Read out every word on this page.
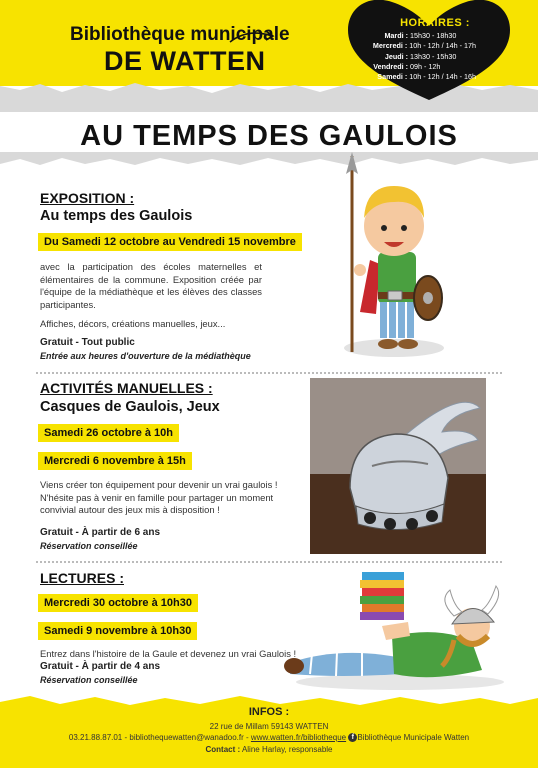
Bibliothèque municipale
DE WATTEN
HORAIRES :
Mardi : 15h30 - 18h30
Mercredi : 10h - 12h / 14h - 17h
Jeudi : 13h30 - 15h30
Vendredi : 09h - 12h
Samedi : 10h - 12h / 14h - 16h
AU TEMPS DES GAULOIS
EXPOSITION :
Au temps des Gaulois
Du Samedi 12 octobre au Vendredi 15 novembre
avec la participation des écoles maternelles et élémentaires de la commune. Exposition créée par l'équipe de la médiathèque et les élèves des classes participantes.
Affiches, décors, créations manuelles, jeux...
Gratuit - Tout public
Entrée aux heures d'ouverture de la médiathèque
ACTIVITÉS MANUELLES :
Casques de Gaulois, Jeux
Samedi 26 octobre à 10h
Mercredi 6 novembre à 15h
Viens créer ton équipement pour devenir un vrai gaulois ! N'hésite pas à venir en famille pour partager un moment convivial autour des jeux mis à disposition !
Gratuit - À partir de 6 ans
Réservation conseillée
LECTURES :
Mercredi 30 octobre à 10h30
Samedi 9 novembre à 10h30
Entrez dans l'histoire de la Gaule et devenez un vrai Gaulois !
Gratuit - À partir de 4 ans
Réservation conseillée
INFOS :
22 rue de Millam 59143 WATTEN
03.21.88.87.01 - bibliothequewatten@wanadoo.fr - www.watten.fr/bibliotheque f Bibliothèque Municipale Watten
Contact : Aline Harlay, responsable
